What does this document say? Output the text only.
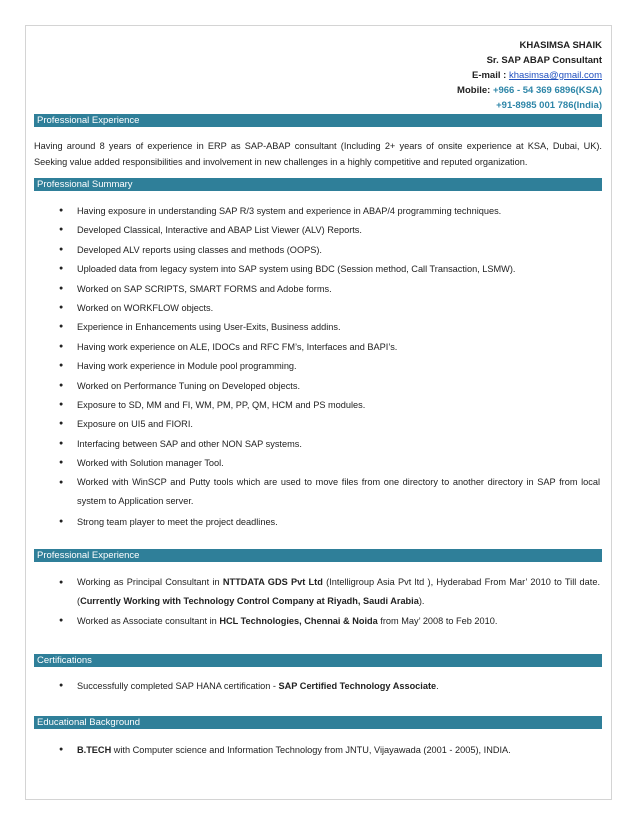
KHASIMSA SHAIK
Sr. SAP ABAP Consultant
E-mail : khasimsa@gmail.com
Mobile: +966 - 54 369 6896(KSA)
+91-8985 001 786(India)
Professional Experience
Having around 8 years of experience in ERP as SAP-ABAP consultant (Including 2+ years of onsite experience at KSA, Dubai, UK). Seeking value added responsibilities and involvement in new challenges in a highly competitive and reputed organization.
Professional Summary
● Having exposure in understanding SAP R/3 system and experience in ABAP/4 programming techniques.
● Developed Classical, Interactive and ABAP List Viewer (ALV) Reports.
● Developed ALV reports using classes and methods (OOPS).
● Uploaded data from legacy system into SAP system using BDC (Session method, Call Transaction, LSMW).
● Worked on SAP SCRIPTS, SMART FORMS and Adobe forms.
● Worked on WORKFLOW objects.
● Experience in Enhancements using User-Exits, Business addins.
● Having work experience on ALE, IDOCs and RFC FM’s, Interfaces and BAPI’s.
● Having work experience in Module pool programming.
● Worked on Performance Tuning on Developed objects.
● Exposure to SD, MM and FI, WM, PM, PP, QM, HCM and PS modules.
● Exposure on UI5 and FIORI.
● Interfacing between SAP and other NON SAP systems.
● Worked with Solution manager Tool.
● Worked with WinSCP and Putty tools which are used to move files from one directory to another directory in SAP from local system to Application server.
● Strong team player to meet the project deadlines.
Professional Experience
● Working as Principal Consultant in NTTDATA GDS Pvt Ltd (Intelligroup Asia Pvt ltd ), Hyderabad From Mar’ 2010 to Till date. (Currently Working with Technology Control Company at Riyadh, Saudi Arabia).
● Worked as Associate consultant in HCL Technologies, Chennai & Noida from May’ 2008 to Feb 2010.
Certifications
● Successfully completed SAP HANA certification - SAP Certified Technology Associate.
Educational Background
● B.TECH with Computer science and Information Technology from JNTU, Vijayawada (2001 - 2005), INDIA.
